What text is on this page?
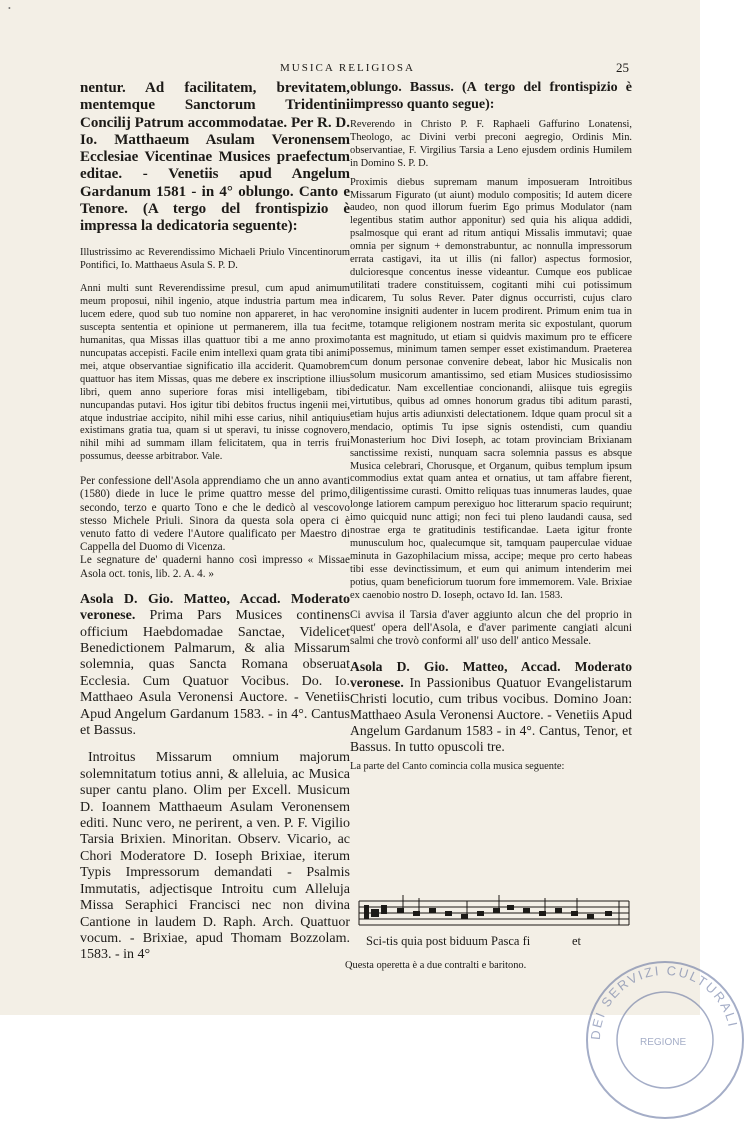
•
MUSICA RELIGIOSA	25
nentur. Ad facilitatem, brevitatem, mentemque Sanctorum Tridentini Concilij Patrum accommodatae. Per R. D. Io. Matthaeum Asulam Veronensem Ecclesiae Vicentinae Musices praefectum editae. - Venetiis apud Angelum Gardanum 1581 - in 4° oblungo. Canto e Tenore. (A tergo del frontispizio è impressa la dedicatoria seguente):
Illustrissimo ac Reverendissimo Michaeli Priulo Vincentinorum Pontifici, Io. Matthaeus Asula S. P. D.
Anni multi sunt Reverendissime presul, cum apud animum meum proposui, nihil ingenio, atque industria partum mea in lucem edere, quod sub tuo nomine non appareret, in hac vero suscepta sententia et opinione ut permanerem, illa tua fecit humanitas, qua Missas illas quattuor tibi a me anno proximo nuncupatas accepisti. Facile enim intellexi quam grata tibi animi mei, atque observantiae significatio illa acciderit. Quamobrem quattuor has item Missas, quas me debere ex inscriptione illius libri, quem anno superiore foras misi intelligebam, tibi nuncupandas putavi. Hos igitur tibi debitos fructus ingenii mei, atque industriae accipito, nihil mihi esse carius, nihil antiquius existimans gratia tua, quam si ut speravi, tu inisse cognovero, nihil mihi ad summam illam felicitatem, qua in terris frui possumus, deesse arbitrabor. Vale.
Per confessione dell'Asola apprendiamo che un anno avanti (1580) diede in luce le prime quattro messe del primo, secondo, terzo e quarto Tono e che le dedicò al vescovo stesso Michele Priuli. Sinora da questa sola opera ci è venuto fatto di vedere l'Autore qualificato per Maestro di Cappella del Duomo di Vicenza.
Le segnature de' quaderni hanno così impresso « Missae Asola oct. tonis, lib. 2. A. 4. »
Asola D. Gio. Matteo, Accad. Moderato veronese. Prima Pars Musices continens officium Haebdomadae Sanctae, Videlicet Benedictionem Palmarum, & alia Missarum solemnia, quas Sancta Romana obseruat Ecclesia. Cum Quatuor Vocibus. Do. Io. Matthaeo Asula Veronensi Auctore. - Venetiis Apud Angelum Gardanum 1583. - in 4°. Cantus et Bassus.
Introitus Missarum omnium majorum solemnitatum totius anni, & alleluia, ac Musica super cantu plano. Olim per Excell. Musicum D. Ioannem Matthaeum Asulam Veronensem editi. Nunc vero, ne perirent, a ven. P. F. Vigilio Tarsia Brixien. Minoritan. Observ. Vicario, ac Chori Moderatore D. Ioseph Brixiae, iterum Typis Impressorum demandati - Psalmis Immutatis, adjectisque Introitu cum Alleluja Missa Seraphici Francisci nec non divina Cantione in laudem D. Raph. Arch. Quattuor vocum. - Brixiae, apud Thomam Bozzolam. 1583. - in 4°
oblungo. Bassus. (A tergo del frontispizio è impresso quanto segue):
Reverendo in Christo P. F. Raphaeli Gaffurino Lonatensi, Theologo, ac Divini verbi preconi aegregio, Ordinis Min. observantiae, F. Virgilius Tarsia a Leno ejusdem ordinis Humilem in Domino S. P. D.
Proximis diebus supremam manum imposueram Introitibus Missarum Figurato (ut aiunt) modulo compositis; Id autem dicere audeo, non quod illorum fuerim Ego primus Modulator (nam legentibus statim author apponitur) sed quia his aliqua addidi, psalmosque qui erant ad ritum antiqui Missalis immutavi; quae omnia per signum + demonstrabuntur, ac nonnulla impressorum errata castigavi, ita ut illis (ni fallor) aspectus formosior, dulcioresque concentus inesse videantur. Cumque eos publicae utilitati tradere constituissem, cogitanti mihi cui potissimum dicarem, Tu solus Rever. Pater dignus occurristi, cujus claro nomine insigniti audenter in lucem prodirent. Primum enim tua in me, totamque religionem nostram merita sic expostulant, quorum tanta est magnitudo, ut etiam si quidvis maximum pro te efficere possemus, minimum tamen semper esset existimandum. Praeterea cum donum personae convenire debeat, labor hic Musicalis non solum musicorum amantissimo, sed etiam Musices studiosissimo dedicatur. Nam excellentiae concionandi, aliisque tuis egregiis virtutibus, quibus ad omnes honorum gradus tibi aditum parasti, etiam hujus artis adiunxisti delectationem. Idque quam procul sit a mendacio, optimis Tu ipse signis ostendisti, cum quandiu Monasterium hoc Divi Ioseph, ac totam provinciam Brixianam sanctissime rexisti, nunquam sacra solemnia passus es absque Musica celebrari, Chorusque, et Organum, quibus templum ipsum commodius extat quam antea et ornatius, ut tam affabre fierent, diligentissime curasti. Omitto reliquas tuas innumeras laudes, quae longe latiorem campum perexiguo hoc litterarum spacio requirunt; imo quicquid nunc attigi; non feci tui pleno laudandi causa, sed nostrae erga te gratitudinis testificandae. Laeta igitur fronte munusculum hoc, qualecumque sit, tamquam pauperculae viduae minuta in Gazophilacium missa, accipe; meque pro certo habeas tibi esse devinctissimum, et eum qui animum intenderim mei potius, quam beneficiorum tuorum fore immemorem. Vale. Brixiae ex caenobio nostro D. Ioseph, octavo Id. Ian. 1583.
Ci avvisa il Tarsia d'aver aggiunto alcun che del proprio in quest' opera dell'Asola, e d'aver parimente cangiati alcuni salmi che trovò conformi all' uso dell' antico Messale.
Asola D. Gio. Matteo, Accad. Moderato veronese. In Passionibus Quatuor Evangelistarum Christi locutio, cum tribus vocibus. Domino Joan: Matthaeo Asula Veronensi Auctore. - Venetiis Apud Angelum Gardanum 1583 - in 4°. Cantus, Tenor, et Bassus. In tutto opuscoli tre.
La parte del Canto comincia colla musica seguente:
Sci-tis quia post biduum Pasca fi	et
Questa operetta è a due contralti e baritono.
DEI SERVIZI CULTURALI
REGIONE
